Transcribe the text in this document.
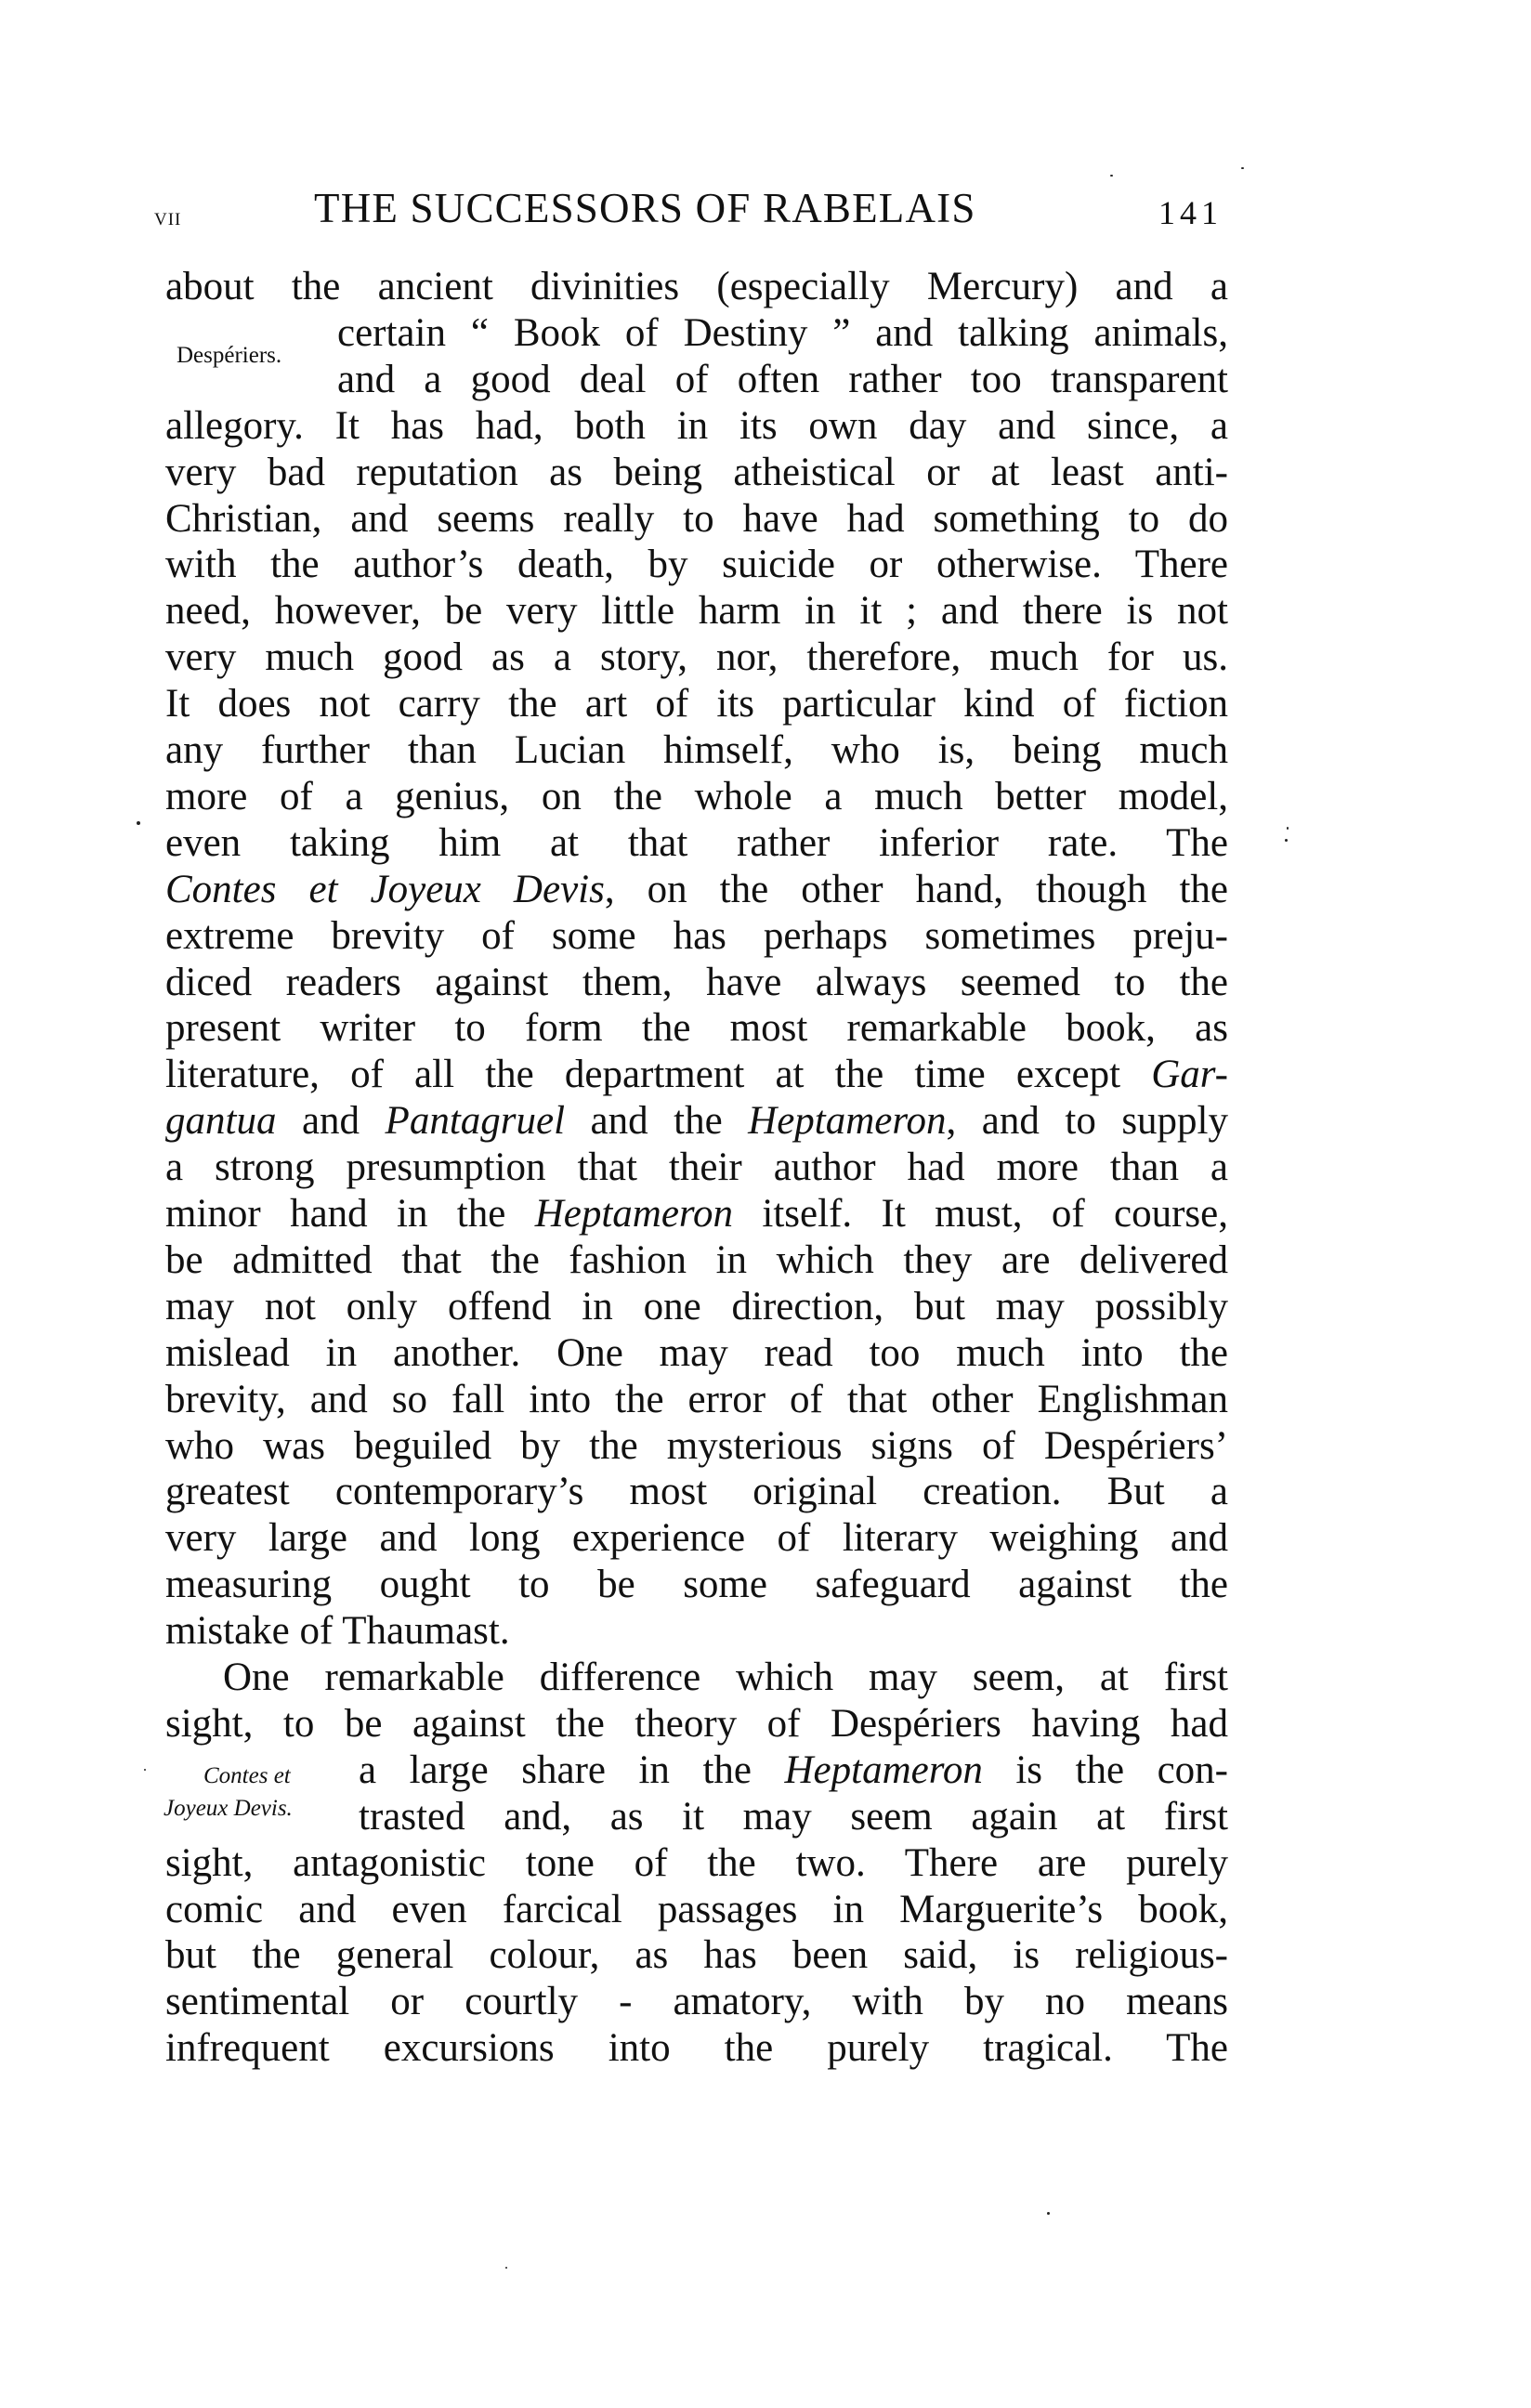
vii	THE SUCCESSORS OF RABELAIS	141
Despériers.
Contes et
Joyeux Devis.
about the ancient divinities (especially Mercury) and a
certain “ Book of Destiny ” and talking animals,
and a good deal of often rather too transparent
allegory. It has had, both in its own day and since, a
very bad reputation as being atheistical or at least anti-
Christian, and seems really to have had something to do
with the author’s death, by suicide or otherwise. There
need, however, be very little harm in it ; and there is not
very much good as a story, nor, therefore, much for us.
It does not carry the art of its particular kind of fiction
any further than Lucian himself, who is, being much
more of a genius, on the whole a much better model,
even taking him at that rather inferior rate. The
Contes et Joyeux Devis, on the other hand, though the
extreme brevity of some has perhaps sometimes preju-
diced readers against them, have always seemed to the
present writer to form the most remarkable book, as
literature, of all the department at the time except Gar-
gantua and Pantagruel and the Heptameron, and to supply
a strong presumption that their author had more than a
minor hand in the Heptameron itself. It must, of course,
be admitted that the fashion in which they are delivered
may not only offend in one direction, but may possibly
mislead in another. One may read too much into the
brevity, and so fall into the error of that other Englishman
who was beguiled by the mysterious signs of Despériers’
greatest contemporary’s most original creation. But a
very large and long experience of literary weighing and
measuring ought to be some safeguard against the
mistake of Thaumast.
One remarkable difference which may seem, at first
sight, to be against the theory of Despériers having had
a large share in the Heptameron is the con-
trasted and, as it may seem again at first
sight, antagonistic tone of the two. There are purely
comic and even farcical passages in Marguerite’s book,
but the general colour, as has been said, is religious-
sentimental or courtly - amatory, with by no means
infrequent excursions into the purely tragical. The
